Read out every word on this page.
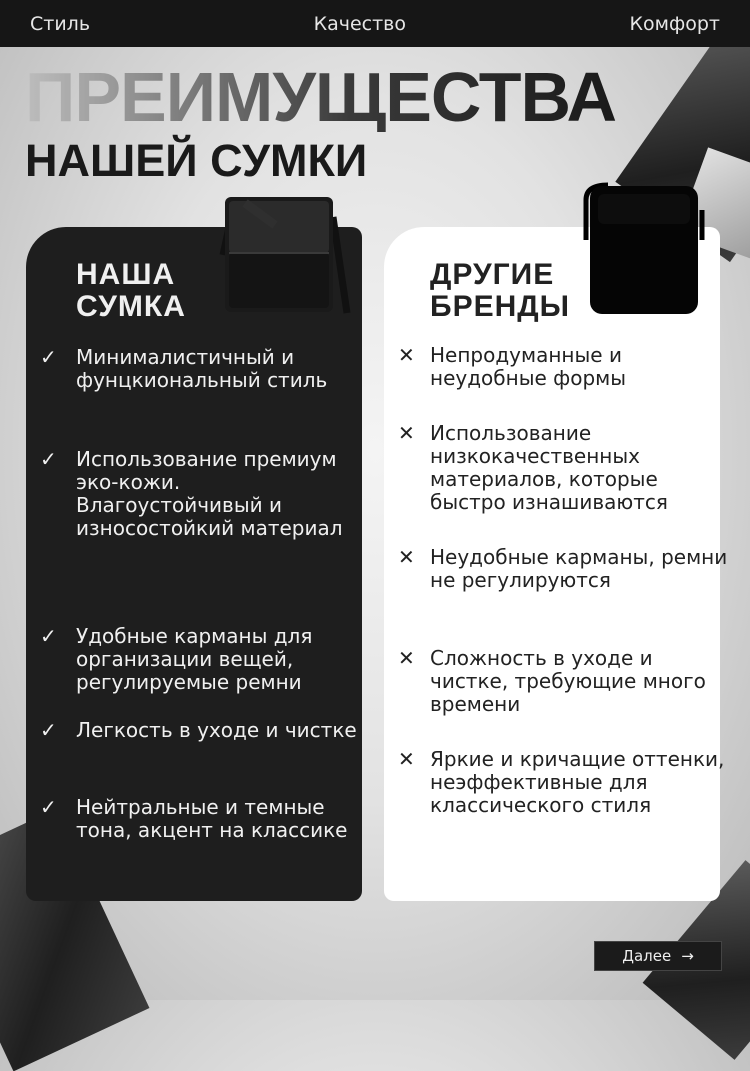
Стиль	Качество	Комфорт
ПРЕИМУЩЕСТВА
НАШЕЙ СУМКИ
НАША
СУМКА
✓ Минималистичный и фунцкиональный стиль
✓ Использование премиум эко-кожи. Влагоустойчивый и износостойкий материал
✓ Удобные карманы для организации вещей, регулируемые ремни
✓ Легкость в уходе и чистке
✓ Нейтральные и темные тона, акцент на классике
ДРУГИЕ
БРЕНДЫ
✕ Непродуманные и неудобные формы
✕ Использование низкокачественных материалов, которые быстро изнашиваются
✕ Неудобные карманы, ремни не регулируются
✕ Сложность в уходе и чистке, требующие много времени
✕ Яркие и кричащие оттенки, неэффективные для классического стиля
Далее →
